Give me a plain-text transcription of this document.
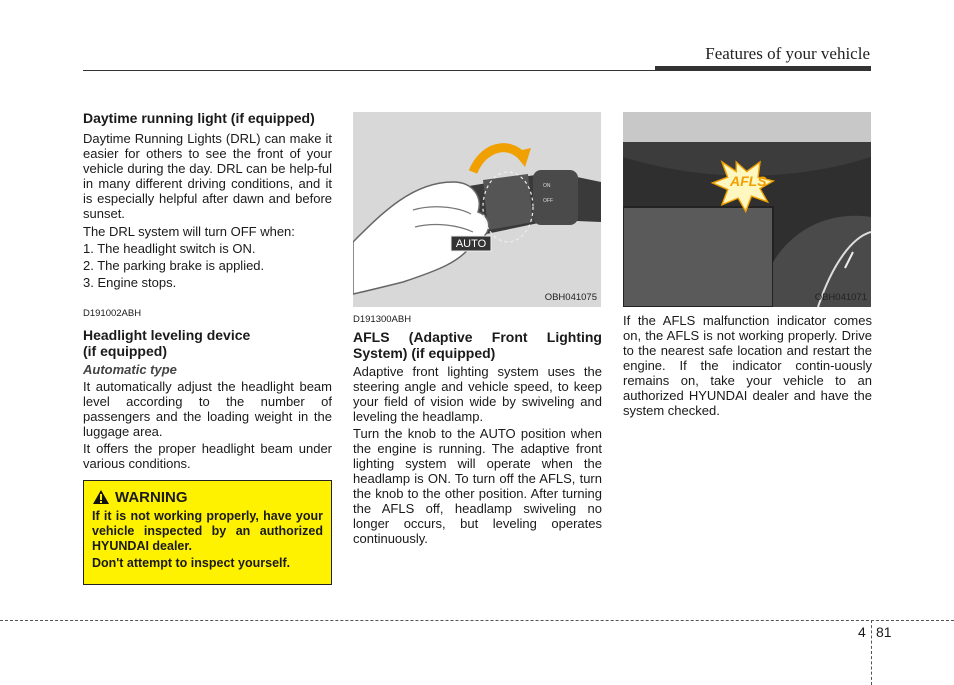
Features of your vehicle
Daytime running light (if equipped)

Daytime Running Lights (DRL) can make it easier for others to see the front of your vehicle during the day. DRL can be help-ful in many different driving conditions, and it is especially helpful after dawn and before sunset.

The DRL system will turn OFF when:

1. The headlight switch is ON.

2. The parking brake is applied.

3. Engine stops.

D191002ABH
Headlight leveling device
(if equipped)

Automatic type

It automatically adjust the headlight beam level according to the number of passengers and the loading weight in the luggage area.

It offers the proper headlight beam under various conditions.

WARNING

If it is not working properly, have your vehicle inspected by an authorized HYUNDAI dealer.

Don't attempt to inspect yourself.

ON
OFF
AUTO
OBH041075
D191300ABH
AFLS (Adaptive Front Lighting
System) (if equipped)

Adaptive front lighting system uses the steering angle and vehicle speed, to keep your field of vision wide by swiveling and leveling the headlamp.

Turn the knob to the AUTO position when the engine is running. The adaptive front lighting system will operate when the headlamp is ON. To turn off the AFLS, turn the knob to the other position. After turning the AFLS off, headlamp swiveling no longer occurs, but leveling operates continuously.

AFLS
OBH041071

If the AFLS malfunction indicator comes on, the AFLS is not working properly. Drive to the nearest safe location and restart the engine. If the indicator contin-uously remains on, take your vehicle to an authorized HYUNDAI dealer and have the system checked.

4 81
